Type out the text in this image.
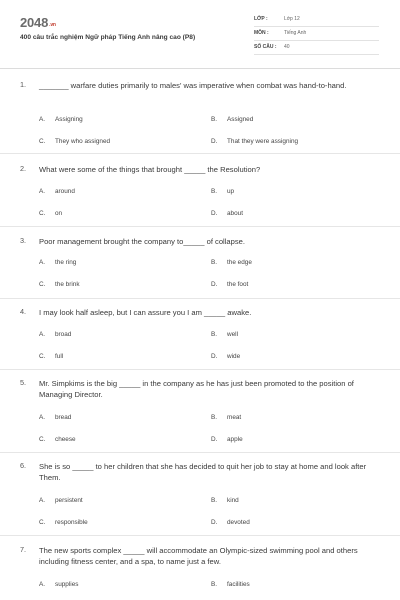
2048.vn
400 câu trắc nghiệm Ngữ pháp Tiếng Anh nâng cao (P8)
LỚP :	Lớp 12
MÔN :	Tiếng Anh
SỐ CÂU : 40
1. _______ warfare duties primarily to males' was imperative when combat was hand-to-hand.
A. Assigning	B. Assigned
C. They who assigned	D. That they were assigning
2. What were some of the things that brought _____ the Resolution?
A. around	B. up
C. on	D. about
3. Poor management brought the company to_____ of collapse.
A. the ring	B. the edge
C. the brink	D. the foot
4. I may look half asleep, but I can assure you I am _____ awake.
A. broad	B. well
C. full	D. wide
5. Mr. Simpkims is the big _____ in the company as he has just been promoted to the position of Managing Director.
A. bread	B. meat
C. cheese	D. apple
6. She is so _____ to her children that she has decided to quit her job to stay at home and look after Them.
A. persistent	B. kind
C. responsible	D. devoted
7. The new sports complex _____ will accommodate an Olympic-sized swimming pool and others including fitness center, and a spa, to name just a few.
A. supplies	B. facilities
